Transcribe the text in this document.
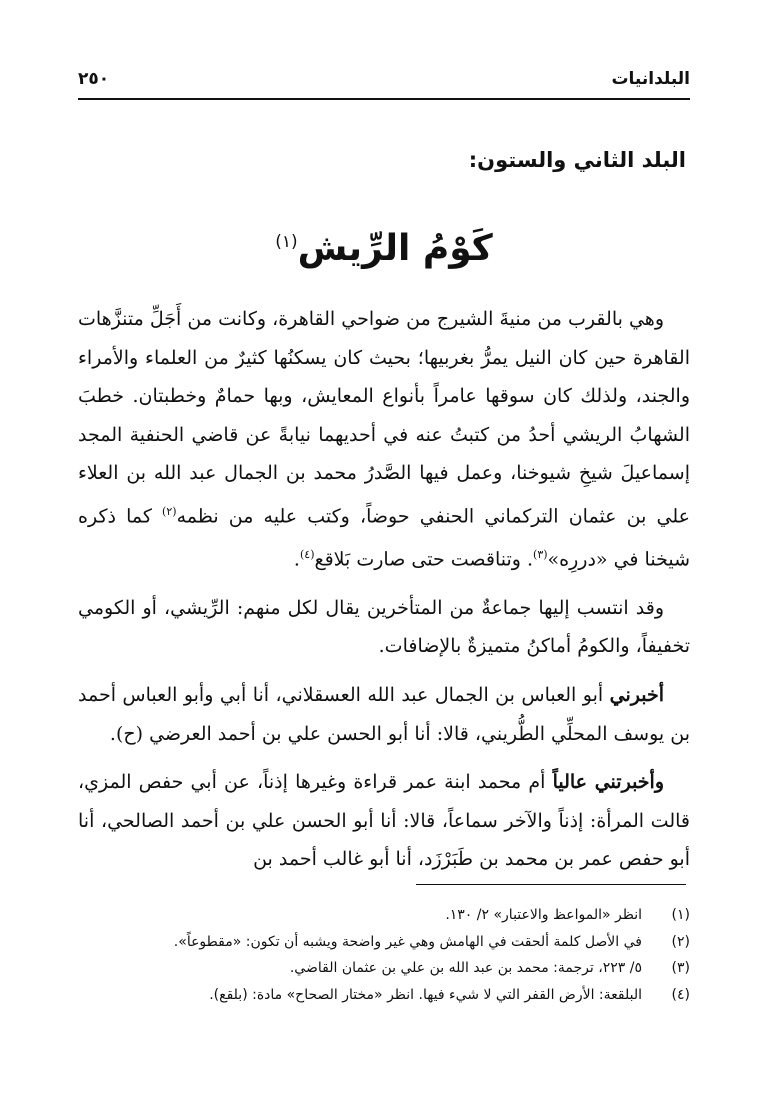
البلدانيات
٢٥٠
البلد الثاني والستون:
كَوْمُ الرِّيش$^{(١)}$

وهي بالقرب من منيةَ الشيرج من ضواحي القاهرة، وكانت من أَجَلِّ متنزَّهات القاهرة حين كان النيل يمرُّ بغربيها؛ بحيث كان يسكنُها كثيرٌ من العلماء والأمراء والجند، ولذلك كان سوقها عامراً بأنواع المعايش، وبها حمامٌ وخطبتان. خطبَ الشهابُ الريشي أحدُ من كتبتُ عنه في أحديهما نيابةً عن قاضي الحنفية المجد إسماعيلَ شيخِ شيوخنا، وعمل فيها الصَّدرُ محمد بن الجمال عبد الله بن العلاء علي بن عثمان التركماني الحنفي حوضاً، وكتب عليه من نظمه$^{(٢)}$ كما ذكره شيخنا في «دررِه»$^{(٣)}$. وتناقصت حتى صارت بَلاقع$^{(٤)}$.

وقد انتسب إليها جماعةٌ من المتأخرين يقال لكل منهم: الرِّيشي، أو الكومي تخفيفاً، والكومُ أماكنُ متميزةٌ بالإضافات.

أخبرني أبو العباس بن الجمال عبد الله العسقلاني، أنا أبي وأبو العباس أحمد بن يوسف المحلِّي الطُّريني، قالا: أنا أبو الحسن علي بن أحمد العرضي (ح).

وأخبرتني عالياً أم محمد ابنة عمر قراءة وغيرها إذناً، عن أبي حفص المزي، قالت المرأة: إذناً والآخر سماعاً، قالا: أنا أبو الحسن علي بن أحمد الصالحي، أنا أبو حفص عمر بن محمد بن طَبَرْزَد، أنا أبو غالب أحمد بن

(١)
انظر «المواعظ والاعتبار» ٢/ ١٣٠.
(٢)
في الأصل كلمة ألحقت في الهامش وهي غير واضحة ويشبه أن تكون: «مقطوعاً».
(٣)
٥/ ٢٢٣، ترجمة: محمد بن عبد الله بن علي بن عثمان القاضي.
(٤)
البلقعة: الأرض القفر التي لا شيء فيها. انظر «مختار الصحاح» مادة: (بلقع).
